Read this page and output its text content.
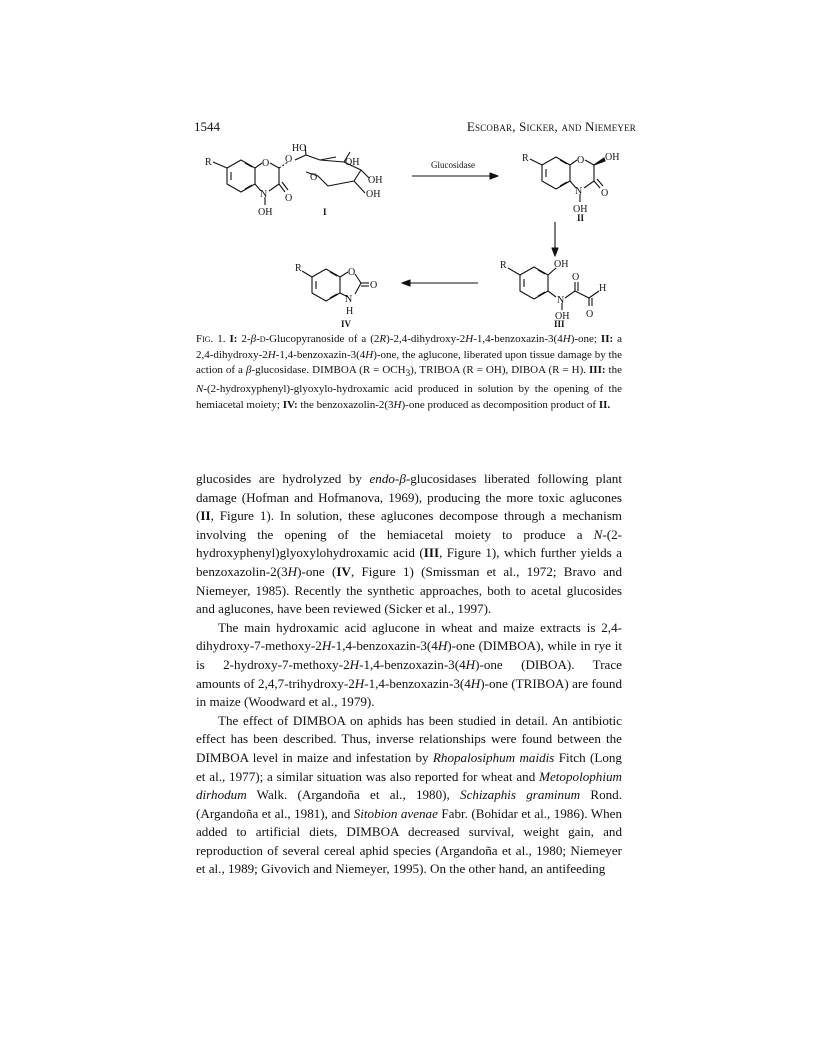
1544	Escobar, Sicker, and Niemeyer
R	O
N O
OH
O
O
HO
OH
OH
OH
I
Glucosidase
R	O OH
N O
OH
II
R	OH
N
OH
O
O
H
III
R	O
N
H
O
IV
Fig. 1. I: 2-β-d-Glucopyranoside of a (2R)-2,4-dihydroxy-2H-1,4-benzoxazin-3(4H)-one; II: a 2,4-dihydroxy-2H-1,4-benzoxazin-3(4H)-one, the aglucone, liberated upon tissue damage by the action of a β-glucosidase. DIMBOA $(R = OCH_3)$, TRIBOA (R = OH), DIBOA (R = H). III: the N-(2-hydroxyphenyl)-glyoxylo-hydroxamic acid produced in solution by the opening of the hemiacetal moiety; IV: the benzoxazolin-2(3H)-one produced as decomposition product of II.

glucosides are hydrolyzed by endo-β-glucosidases liberated following plant damage (Hofman and Hofmanova, 1969), producing the more toxic aglucones (II, Figure 1). In solution, these aglucones decompose through a mechanism involving the opening of the hemiacetal moiety to produce a N-(2-hydroxyphenyl)glyoxylohydroxamic acid (III, Figure 1), which further yields a benzoxazolin-2(3H)-one (IV, Figure 1) (Smissman et al., 1972; Bravo and Niemeyer, 1985). Recently the synthetic approaches, both to acetal glucosides and aglucones, have been reviewed (Sicker et al., 1997).

The main hydroxamic acid aglucone in wheat and maize extracts is 2,4-dihydroxy-7-methoxy-2H-1,4-benzoxazin-3(4H)-one (DIMBOA), while in rye it is 2-hydroxy-7-methoxy-2H-1,4-benzoxazin-3(4H)-one (DIBOA). Trace amounts of 2,4,7-trihydroxy-2H-1,4-benzoxazin-3(4H)-one (TRIBOA) are found in maize (Woodward et al., 1979).

The effect of DIMBOA on aphids has been studied in detail. An antibiotic effect has been described. Thus, inverse relationships were found between the DIMBOA level in maize and infestation by Rhopalosiphum maidis Fitch (Long et al., 1977); a similar situation was also reported for wheat and Metopolophium dirhodum Walk. (Argandoña et al., 1980), Schizaphis graminum Rond. (Argandoña et al., 1981), and Sitobion avenae Fabr. (Bohidar et al., 1986). When added to artificial diets, DIMBOA decreased survival, weight gain, and reproduction of several cereal aphid species (Argandoña et al., 1980; Niemeyer et al., 1989; Givovich and Niemeyer, 1995). On the other hand, an antifeeding
